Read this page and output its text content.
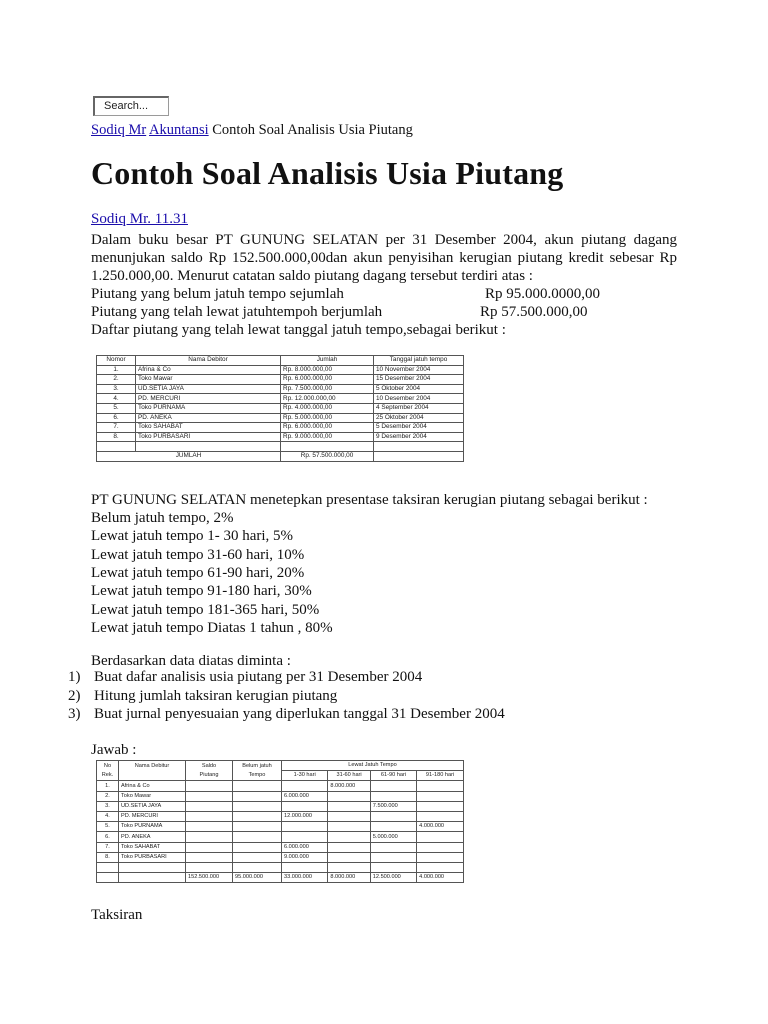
Search...
Sodiq Mr Akuntansi Contoh Soal Analisis Usia Piutang
Contoh Soal Analisis Usia Piutang
Sodiq Mr. 11.31
Dalam buku besar PT GUNUNG SELATAN per 31 Desember 2004, akun piutang dagang menunjukan saldo Rp 152.500.000,00dan akun penyisihan kerugian piutang kredit sebesar Rp 1.250.000,00. Menurut catatan saldo piutang dagang tersebut terdiri atas :
Piutang yang belum jatuh tempo sejumlah	Rp 95.000.0000,00
Piutang yang telah lewat jatuhtempoh berjumlah	Rp 57.500.000,00
Daftar piutang yang telah lewat tanggal jatuh tempo,sebagai berikut :
Nomor	Nama Debitor	Jumlah	Tanggal jatuh tempo
1.	Afrina & Co	Rp. 8.000.000,00	10 November 2004
2.	Toko Mawar	Rp. 6.000.000,00	15 Desember 2004
3.	UD.SETIA JAYA	Rp. 7.500.000,00	5 Oktober 2004
4.	PD. MERCURI	Rp. 12.000.000,00	10 Desember 2004
5.	Toko PURNAMA	Rp. 4.000.000,00	4 September 2004
6.	PD. ANEKA	Rp. 5.000.000,00	25 Oktober 2004
7.	Toko SAHABAT	Rp. 6.000.000,00	5 Desember 2004
8.	Toko PURBASARI	Rp. 9.000.000,00	9 Desember 2004

JUMLAH		Rp. 57.500.000,00	
PT GUNUNG SELATAN menetepkan presentase taksiran kerugian piutang sebagai berikut :
Belum jatuh tempo, 2%
Lewat jatuh tempo 1- 30 hari, 5%
Lewat jatuh tempo 31-60 hari, 10%
Lewat jatuh tempo 61-90 hari, 20%
Lewat jatuh tempo 91-180 hari, 30%
Lewat jatuh tempo 181-365 hari, 50%
Lewat jatuh tempo Diatas 1 tahun , 80%
Berdasarkan data diatas diminta :
1) Buat dafar analisis usia piutang per 31 Desember 2004
2) Hitung jumlah taksiran kerugian piutang
3) Buat jurnal penyesuaian yang diperlukan tanggal 31 Desember 2004
Jawab :
No	Nama Debitur	Saldo	Belum jatuh	Lewat Jatuh Tempo			
Rek.		Piutang	Tempo	1-30 hari	31-60 hari	61-90 hari	91-180 hari
1.	Afrina & Co				8.000.000		
2.	Toko Mawar			6.000.000			
3.	UD.SETIA JAYA					7.500.000	
4.	PD. MERCURI			12.000.000			
5.	Toko PURNAMA						4.000.000
6.	PD. ANEKA					5.000.000	
7.	Toko SAHABAT			6.000.000			
8.	Toko PURBASARI			9.000.000			

		152.500.000	95.000.000	33.000.000	8.000.000	12.500.000	4.000.000
Taksiran
